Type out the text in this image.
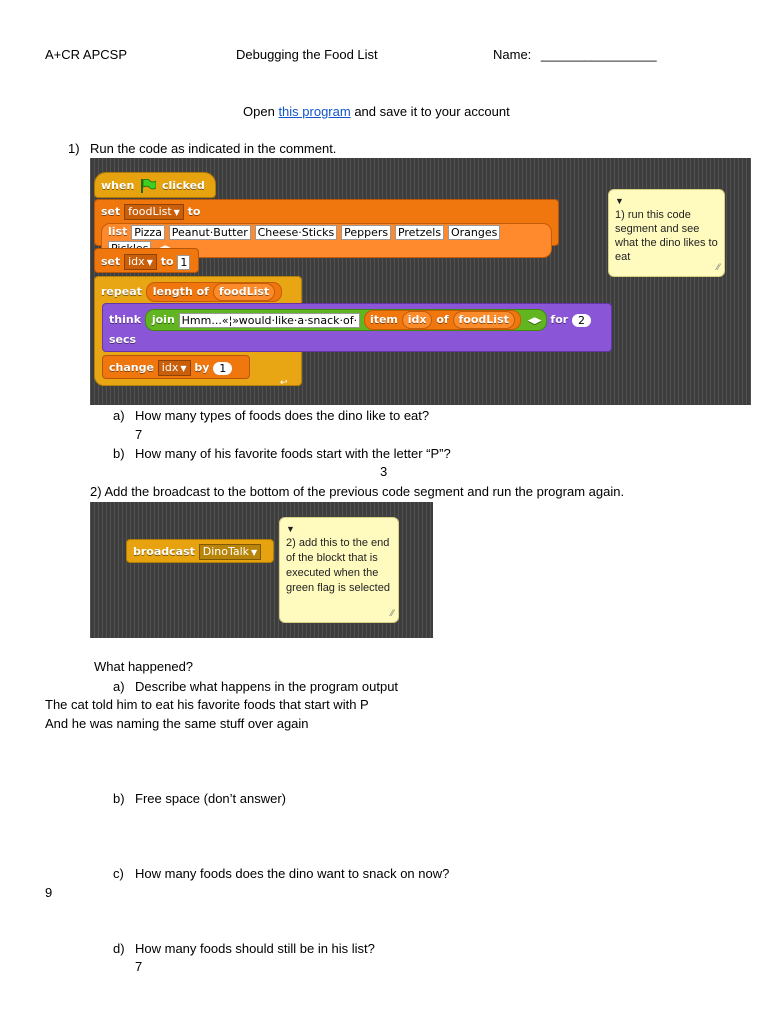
A+CR APCSP	Debugging the Food List	Name: ________________
Open this program and save it to your account
1) Run the code as indicated in the comment.
when	clicked
set foodList ▼ to
list Pizza Peanut·Butter Cheese·Sticks Peppers Pretzels Oranges
set idx ▼ to 1
repeat length of foodList
↩
think join Hmm...«¦»would·like·a·snack·of· item idx of foodList ◀▶ for 2
secs
change idx ▼ by 1
▼
1) run this code segment and see what the dino likes to eat
⁄⁄
a) How many types of foods does the dino like to eat?
7
b) How many of his favorite foods start with the letter “P”?
3
2) Add the broadcast to the bottom of the previous code segment and run the program again.
broadcast DinoTalk ▼
▼
2) add this to the end of the blockt that is executed when the green flag is selected
⁄⁄
What happened?
a) Describe what happens in the program output
The cat told him to eat his favorite foods that start with P
And he was naming the same stuff over again
b) Free space (don’t answer)
c) How many foods does the dino want to snack on now?
9
d) How many foods should still be in his list?
7
